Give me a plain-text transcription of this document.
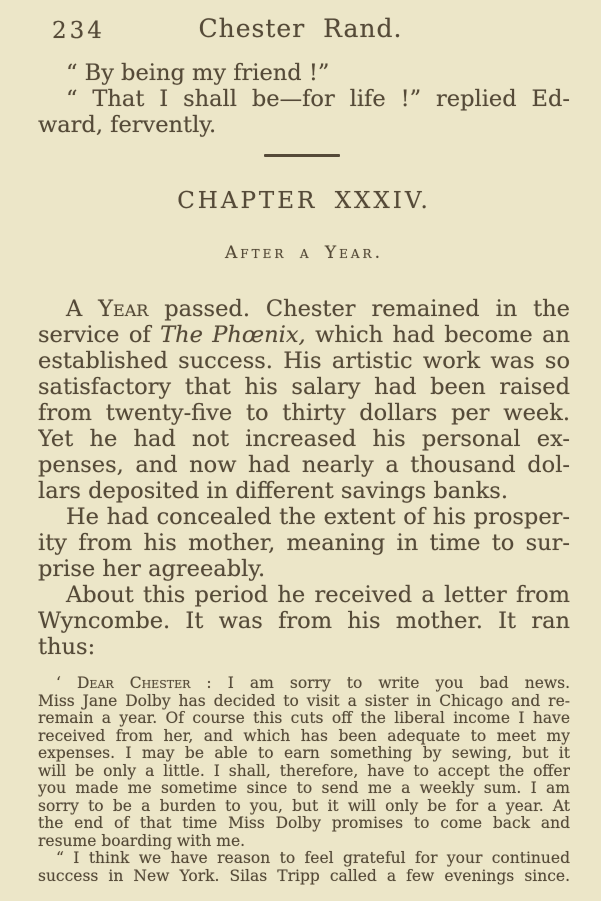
234	Chester Rand.
“ By being my friend !”
“ That I shall be—for life !” replied Ed-
ward, fervently.
CHAPTER XXXIV.
After a Year.
A Year passed. Chester remained in the
service of The Phœnix, which had become an
established success. His artistic work was so
satisfactory that his salary had been raised
from twenty-five to thirty dollars per week.
Yet he had not increased his personal ex-
penses, and now had nearly a thousand dol-
lars deposited in different savings banks.
He had concealed the extent of his prosper-
ity from his mother, meaning in time to sur-
prise her agreeably.
About this period he received a letter from
Wyncombe. It was from his mother. It ran
thus:
‘ Dear Chester : I am sorry to write you bad news.
Miss Jane Dolby has decided to visit a sister in Chicago and re-
remain a year. Of course this cuts off the liberal income I have
received from her, and which has been adequate to meet my
expenses. I may be able to earn something by sewing, but it
will be only a little. I shall, therefore, have to accept the offer
you made me sometime since to send me a weekly sum. I am
sorry to be a burden to you, but it will only be for a year. At
the end of that time Miss Dolby promises to come back and
resume boarding with me.
“ I think we have reason to feel grateful for your continued
success in New York. Silas Tripp called a few evenings since.
